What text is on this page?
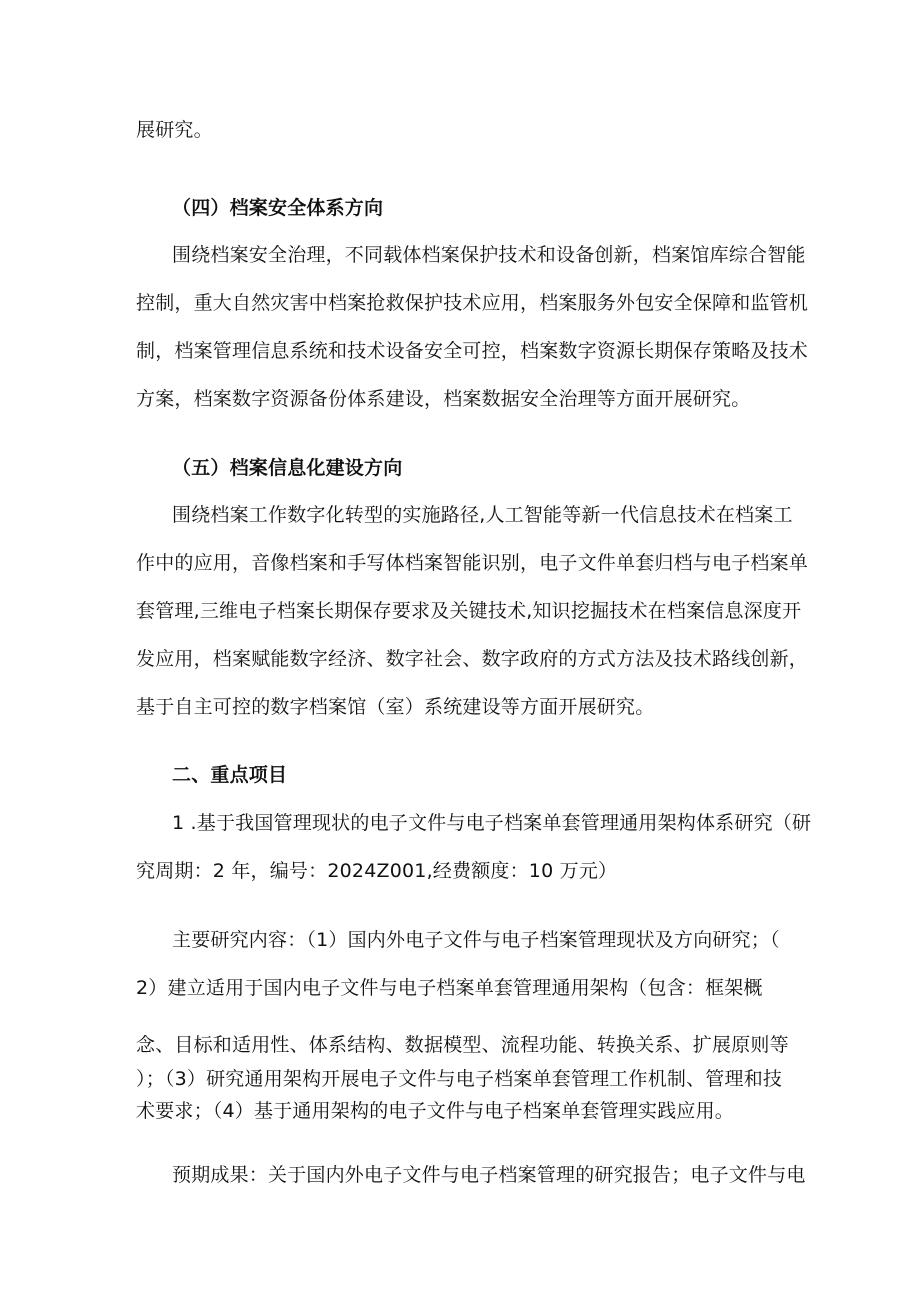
展研究。
（四）档案安全体系方向
围绕档案安全治理，不同载体档案保护技术和设备创新，档案馆库综合智能
控制，重大自然灾害中档案抢救保护技术应用，档案服务外包安全保障和监管机
制，档案管理信息系统和技术设备安全可控，档案数字资源长期保存策略及技术
方案，档案数字资源备份体系建设，档案数据安全治理等方面开展研究。
（五）档案信息化建设方向
围绕档案工作数字化转型的实施路径,人工智能等新一代信息技术在档案工
作中的应用，音像档案和手写体档案智能识别，电子文件单套归档与电子档案单
套管理,三维电子档案长期保存要求及关键技术,知识挖掘技术在档案信息深度开
发应用，档案赋能数字经济、数字社会、数字政府的方式方法及技术路线创新，
基于自主可控的数字档案馆（室）系统建设等方面开展研究。
二、重点项目
1 .基于我国管理现状的电子文件与电子档案单套管理通用架构体系研究（研
究周期：2 年，编号：2024Z001,经费额度：10 万元）
主要研究内容：（1）国内外电子文件与电子档案管理现状及方向研究；（
2）建立适用于国内电子文件与电子档案单套管理通用架构（包含：框架概
念、目标和适用性、体系结构、数据模型、流程功能、转换关系、扩展原则等
）；（3）研究通用架构开展电子文件与电子档案单套管理工作机制、管理和技
术要求；（4）基于通用架构的电子文件与电子档案单套管理实践应用。
预期成果：关于国内外电子文件与电子档案管理的研究报告；电子文件与电
